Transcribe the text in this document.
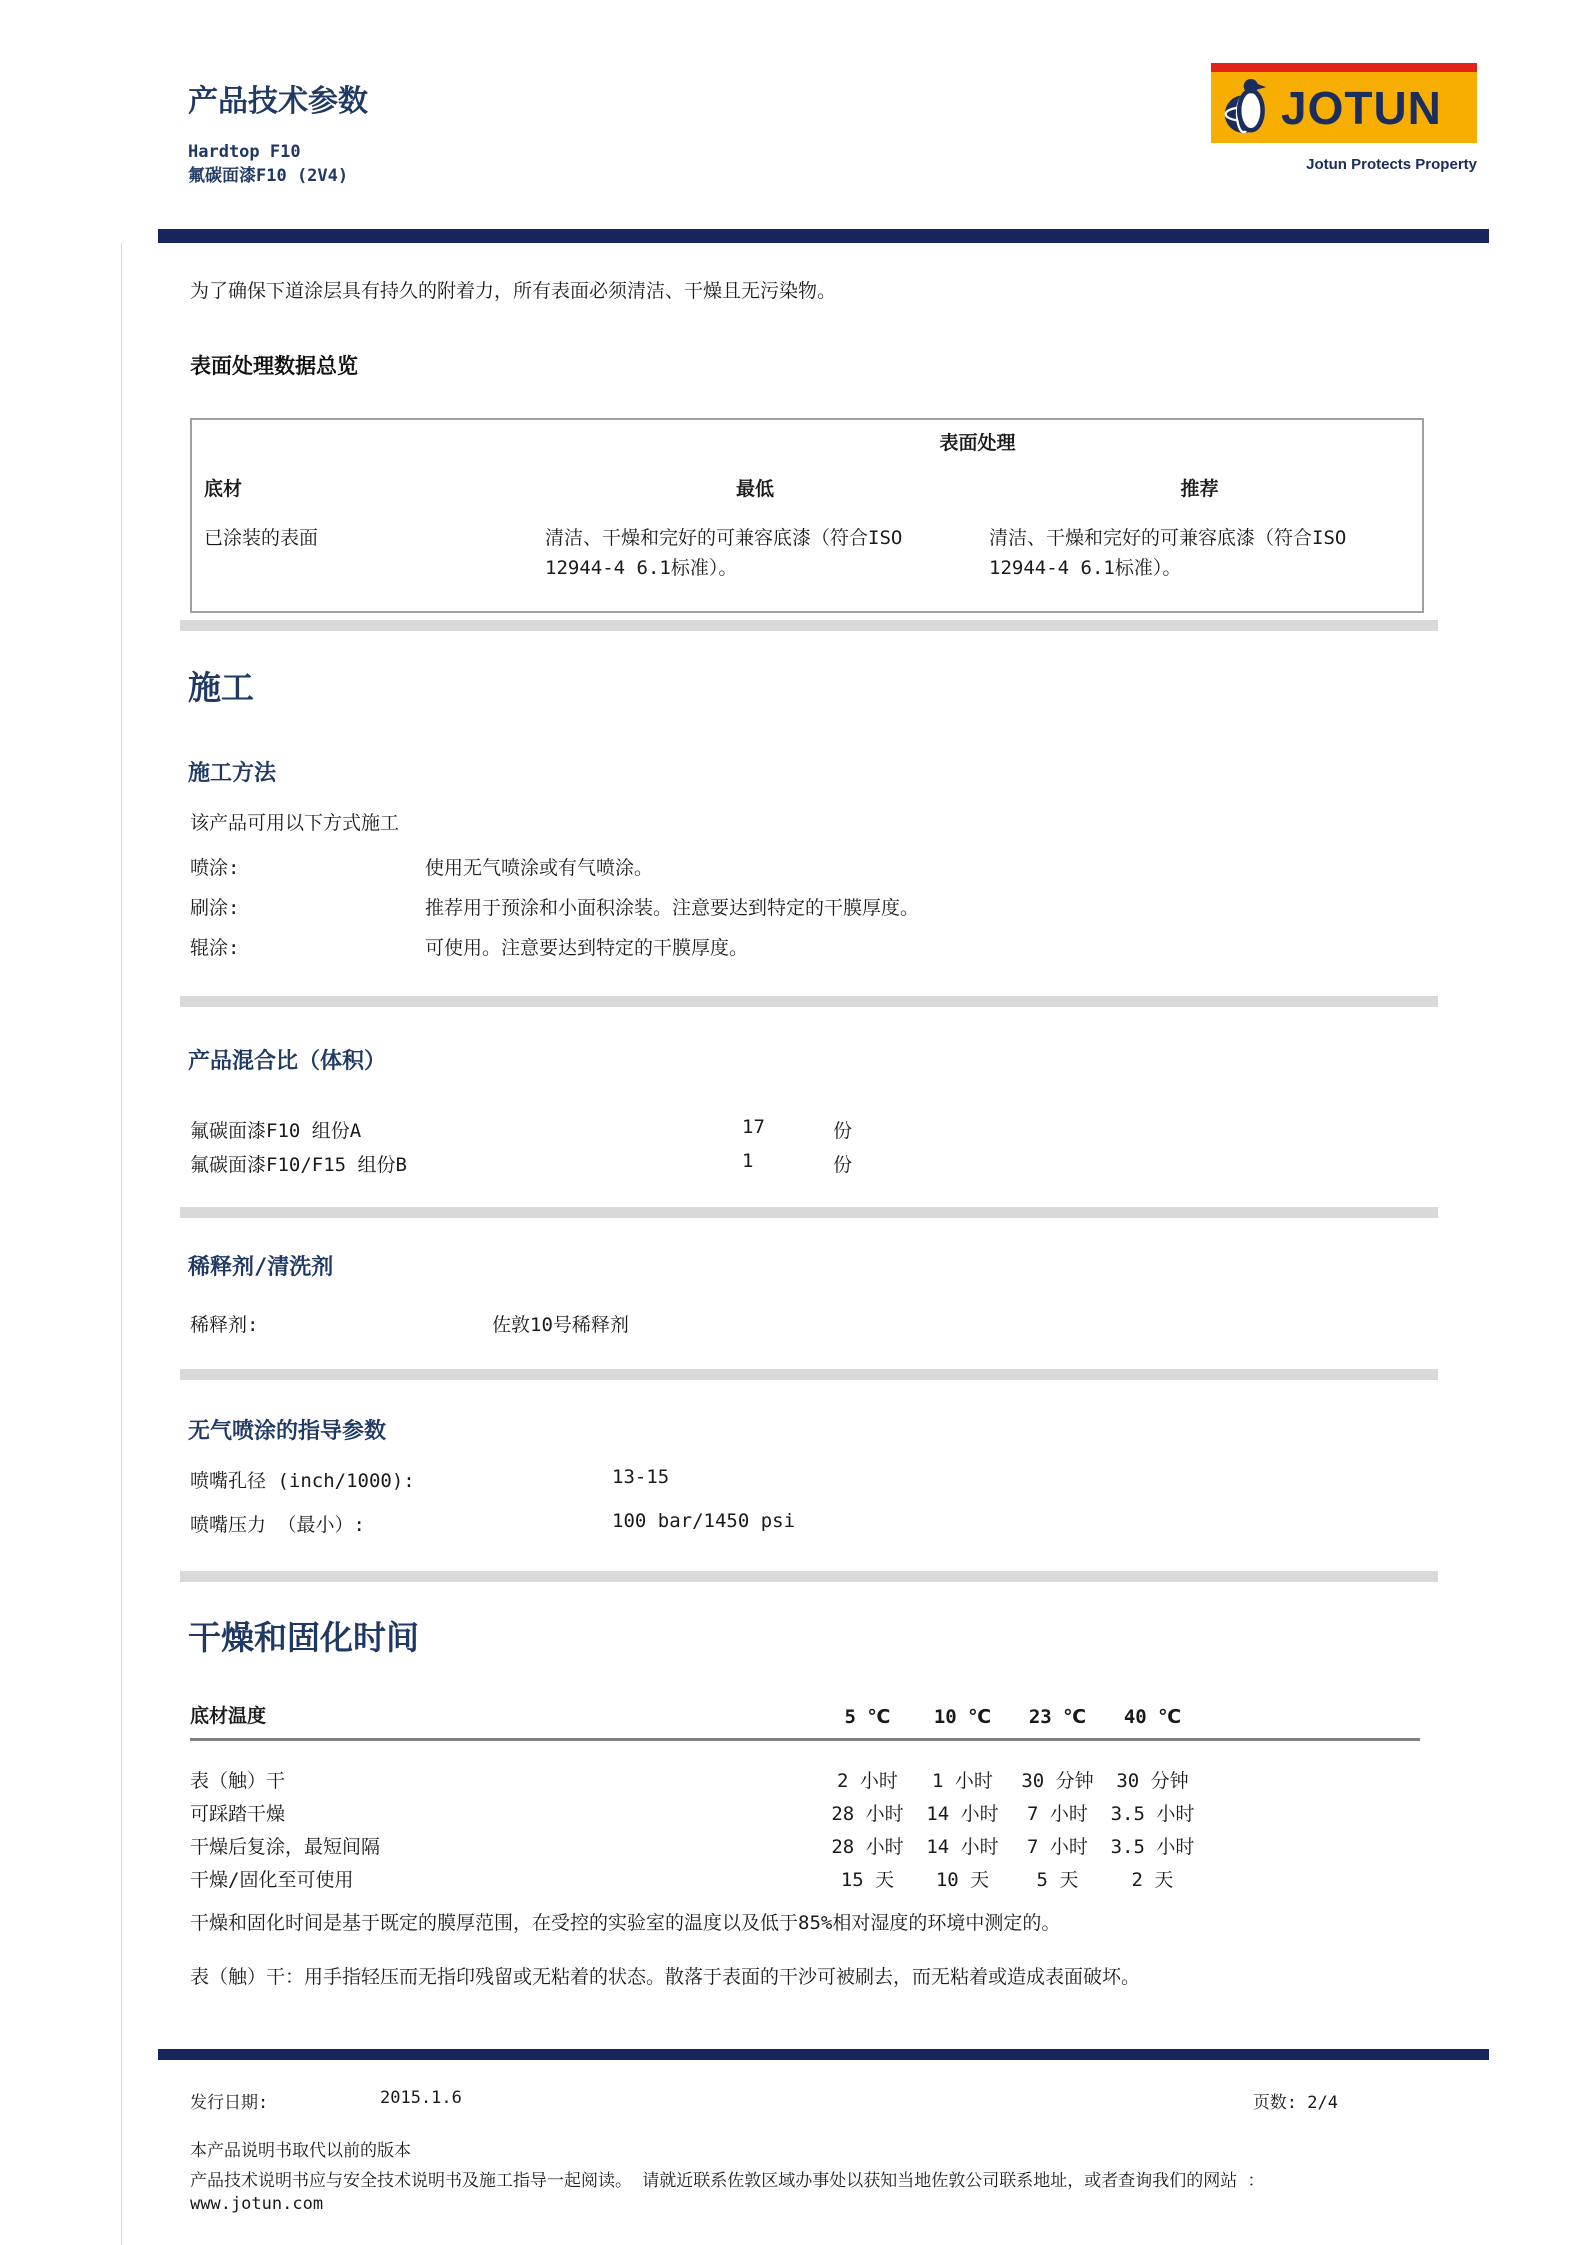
产品技术参数
Hardtop F10
氟碳面漆F10 (2V4)
JOTUN
Jotun Protects Property
为了确保下道涂层具有持久的附着力，所有表面必须清洁、干燥且无污染物。
表面处理数据总览
底材	表面处理	
	最低	推荐
已涂装的表面	清洁、干燥和完好的可兼容底漆（符合ISO 12944-4 6.1标准）。	清洁、干燥和完好的可兼容底漆（符合ISO 12944-4 6.1标准）。
施工
施工方法
该产品可用以下方式施工
喷涂:	使用无气喷涂或有气喷涂。
刷涂:	推荐用于预涂和小面积涂装。注意要达到特定的干膜厚度。
辊涂:	可使用。注意要达到特定的干膜厚度。
产品混合比（体积）
氟碳面漆F10 组份A	17	份
氟碳面漆F10/F15 组份B	1	份
稀释剂/清洗剂
稀释剂:	佐敦10号稀释剂
无气喷涂的指导参数
喷嘴孔径 (inch/1000):	13-15
喷嘴压力 （最小）:	100 bar/1450 psi
干燥和固化时间
底材温度	5 ℃	10 ℃	23 ℃	40 ℃	
表（触）干	2 小时	1 小时	30 分钟	30 分钟	
可踩踏干燥	28 小时	14 小时	7 小时	3.5 小时	
干燥后复涂，最短间隔	28 小时	14 小时	7 小时	3.5 小时	
干燥/固化至可使用	15 天	10 天	5 天	2 天	
干燥和固化时间是基于既定的膜厚范围，在受控的实验室的温度以及低于85%相对湿度的环境中测定的。
表（触）干：用手指轻压而无指印残留或无粘着的状态。散落于表面的干沙可被刷去，而无粘着或造成表面破坏。
发行日期:	2015.1.6	页数: 2/4
本产品说明书取代以前的版本
产品技术说明书应与安全技术说明书及施工指导一起阅读。 请就近联系佐敦区域办事处以获知当地佐敦公司联系地址，或者查询我们的网站 ：
www.jotun.com
